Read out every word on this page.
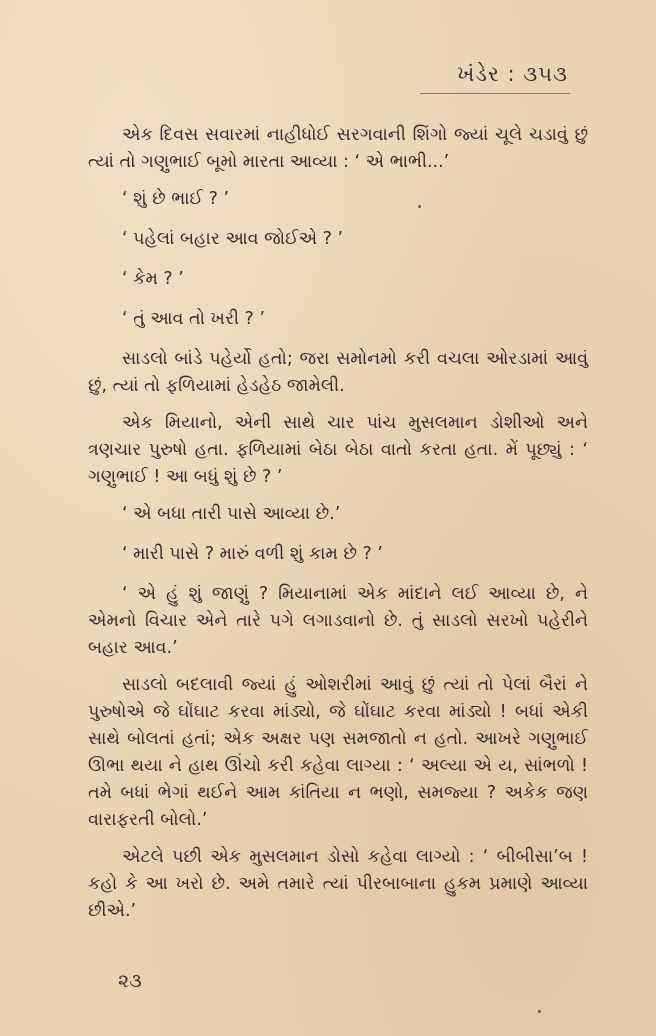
ખંડેર : ૩૫૩

એક દિવસ સવારમાં નાહીધોઈ સરગવાની શિંગો જ્યાં ચૂલે ચડાવું છું ત્યાં તો ગણુભાઈ બૂમો મારતા આવ્યા : ‘ એ ભાભી...’

‘ શું છે ભાઈ ? ’

‘ પહેલાં બહાર આવ જોઈએ ? ’

‘ કેમ ? ’

‘ તું આવ તો ખરી ? ’

સાડલો બાંડે પહેર્યો હતો; જરા સમોનમો કરી વચલા ઓરડામાં આવું છું, ત્યાં તો ફળિયામાં હેડહેઠ જામેલી.

એક મિયાનો, એની સાથે ચાર પાંચ મુસલમાન ડોશીઓ અને ત્રણચાર પુરુષો હતા. ફળિયામાં બેઠા બેઠા વાતો કરતા હતા. મેં પૂછ્યું : ‘ ગણુભાઈ ! આ બધું શું છે ? ’

‘ એ બધા તારી પાસે આવ્યા છે.’

‘ મારી પાસે ? મારું વળી શું કામ છે ? ’

‘ એ હું શું જાણું ? મિયાનામાં એક માંદાને લઈ આવ્યા છે, ને એમનો વિચાર એને તારે પગે લગાડવાનો છે. તું સાડલો સરખો પહેરીને બહાર આવ.’

સાડલો બદલાવી જ્યાં હું ઓશરીમાં આવું છું ત્યાં તો પેલાં બૈરાં ને પુરુષોએ જે ઘોંઘાટ કરવા માંડ્યો, જે ઘોંઘાટ કરવા માંડ્યો ! બધાં એકી સાથે બોલતાં હતાં; એક અક્ષર પણ સમજાતો ન હતો. આખરે ગણુભાઈ ઊભા થયા ને હાથ ઊંચો કરી કહેવા લાગ્યા : ‘ અલ્યા એ ય, સાંભળો ! તમે બધાં ભેગાં થઈને આમ કાંતિયા ન ભણો, સમજ્યા ? અકેક જણ વારાફરતી બોલો.’

એટલે પછી એક મુસલમાન ડોસો કહેવા લાગ્યો : ‘ બીબીસા’બ ! કહો કે આ ખરો છે. અમે તમારે ત્યાં પીરબાબાના હુકમ પ્રમાણે આવ્યા છીએ.’

૨૩
